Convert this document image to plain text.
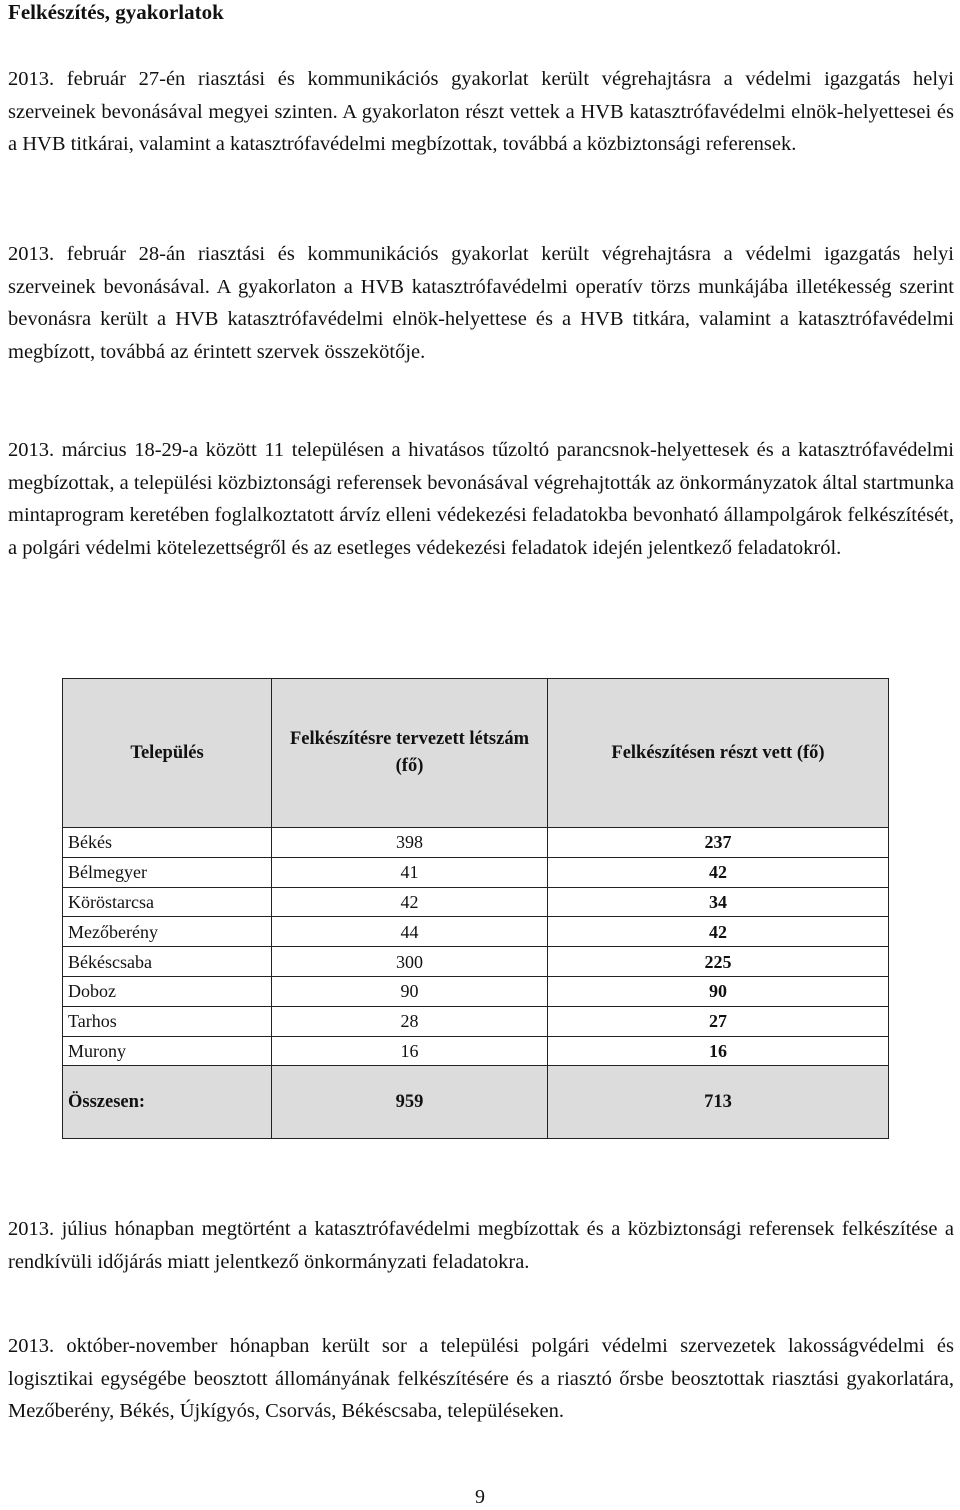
Felkészítés, gyakorlatok

2013. február 27-én riasztási és kommunikációs gyakorlat került végrehajtásra a védelmi igazgatás helyi szerveinek bevonásával megyei szinten. A gyakorlaton részt vettek a HVB katasztrófavédelmi elnök-helyettesei és a HVB titkárai, valamint a katasztrófavédelmi megbízottak, továbbá a közbiztonsági referensek.

2013. február 28-án riasztási és kommunikációs gyakorlat került végrehajtásra a védelmi igazgatás helyi szerveinek bevonásával. A gyakorlaton a HVB katasztrófavédelmi operatív törzs munkájába illetékesség szerint bevonásra került a HVB katasztrófavédelmi elnök-helyettese és a HVB titkára, valamint a katasztrófavédelmi megbízott, továbbá az érintett szervek összekötője.

2013. március 18-29-a között 11 településen a hivatásos tűzoltó parancsnok-helyettesek és a katasztrófavédelmi megbízottak, a települési közbiztonsági referensek bevonásával végrehajtották az önkormányzatok által startmunka mintaprogram keretében foglalkoztatott árvíz elleni védekezési feladatokba bevonható állampolgárok felkészítését, a polgári védelmi kötelezettségről és az esetleges védekezési feladatok idején jelentkező feladatokról.

Település	Felkészítésre tervezett létszám (fő)	Felkészítésen részt vett (fő)
Békés	398	237
Bélmegyer	41	42
Köröstarcsa	42	34
Mezőberény	44	42
Békéscsaba	300	225
Doboz	90	90
Tarhos	28	27
Murony	16	16
Összesen:	959	713

2013. július hónapban megtörtént a katasztrófavédelmi megbízottak és a közbiztonsági referensek felkészítése a rendkívüli időjárás miatt jelentkező önkormányzati feladatokra.

2013. október-november hónapban került sor a települési polgári védelmi szervezetek lakosságvédelmi és logisztikai egységébe beosztott állományának felkészítésére és a riasztó őrsbe beosztottak riasztási gyakorlatára, Mezőberény, Békés, Újkígyós, Csorvás, Békéscsaba, településeken.

9
